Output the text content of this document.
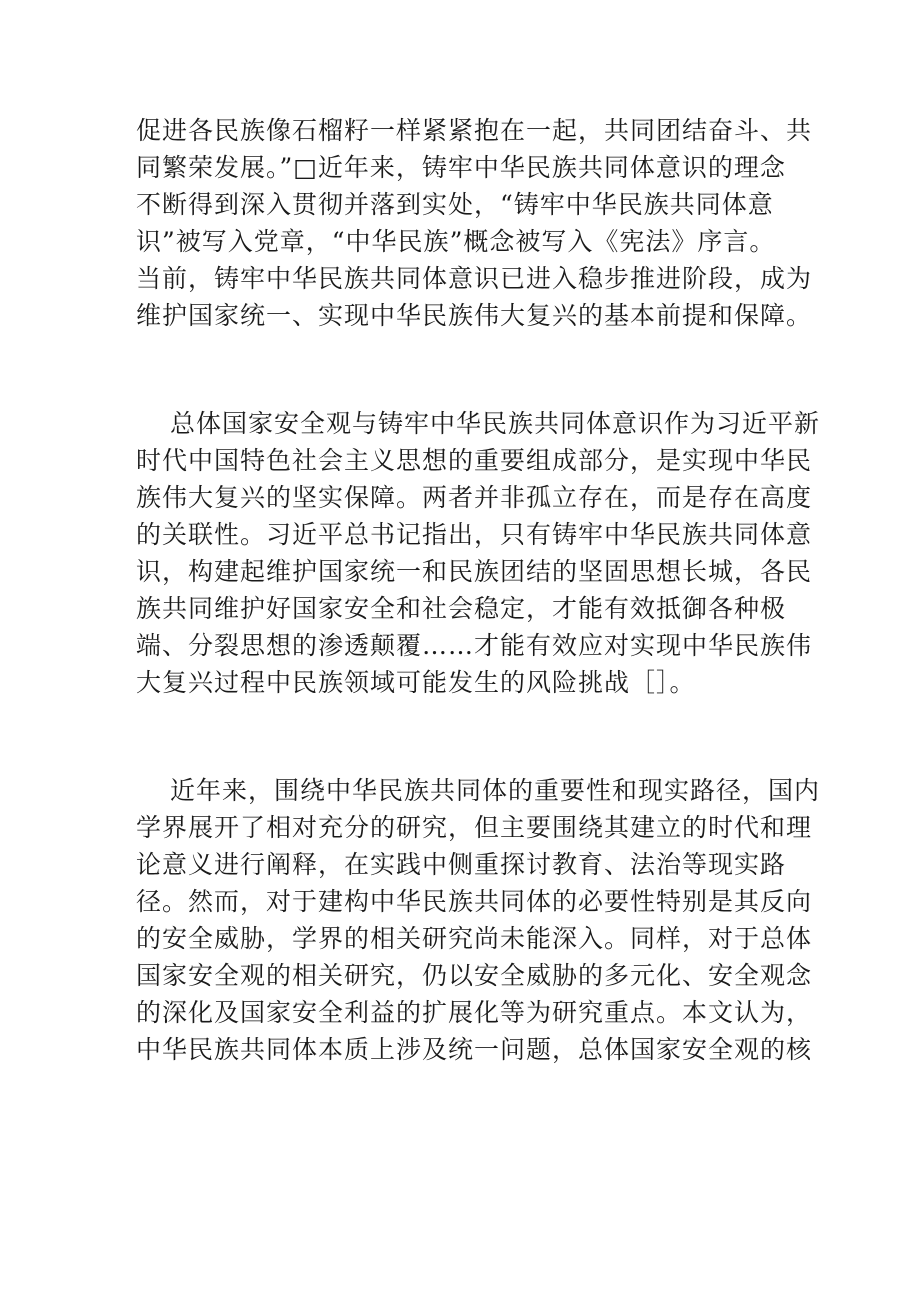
促进各民族像石榴籽一样紧紧抱在一起，共同团结奋斗、共
同繁荣发展。”□近年来，铸牢中华民族共同体意识的理念
不断得到深入贯彻并落到实处，“铸牢中华民族共同体意
识”被写入党章，“中华民族”概念被写入《宪法》序言。
当前，铸牢中华民族共同体意识已进入稳步推进阶段，成为
维护国家统一、实现中华民族伟大复兴的基本前提和保障。
总体国家安全观与铸牢中华民族共同体意识作为习近平新
时代中国特色社会主义思想的重要组成部分，是实现中华民
族伟大复兴的坚实保障。两者并非孤立存在，而是存在高度
的关联性。习近平总书记指出，只有铸牢中华民族共同体意
识，构建起维护国家统一和民族团结的坚固思想长城，各民
族共同维护好国家安全和社会稳定，才能有效抵御各种极
端、分裂思想的渗透颠覆……才能有效应对实现中华民族伟
大复兴过程中民族领域可能发生的风险挑战［］。
近年来，围绕中华民族共同体的重要性和现实路径，国内
学界展开了相对充分的研究，但主要围绕其建立的时代和理
论意义进行阐释，在实践中侧重探讨教育、法治等现实路
径。然而，对于建构中华民族共同体的必要性特别是其反向
的安全威胁，学界的相关研究尚未能深入。同样，对于总体
国家安全观的相关研究，仍以安全威胁的多元化、安全观念
的深化及国家安全利益的扩展化等为研究重点。本文认为，
中华民族共同体本质上涉及统一问题，总体国家安全观的核
